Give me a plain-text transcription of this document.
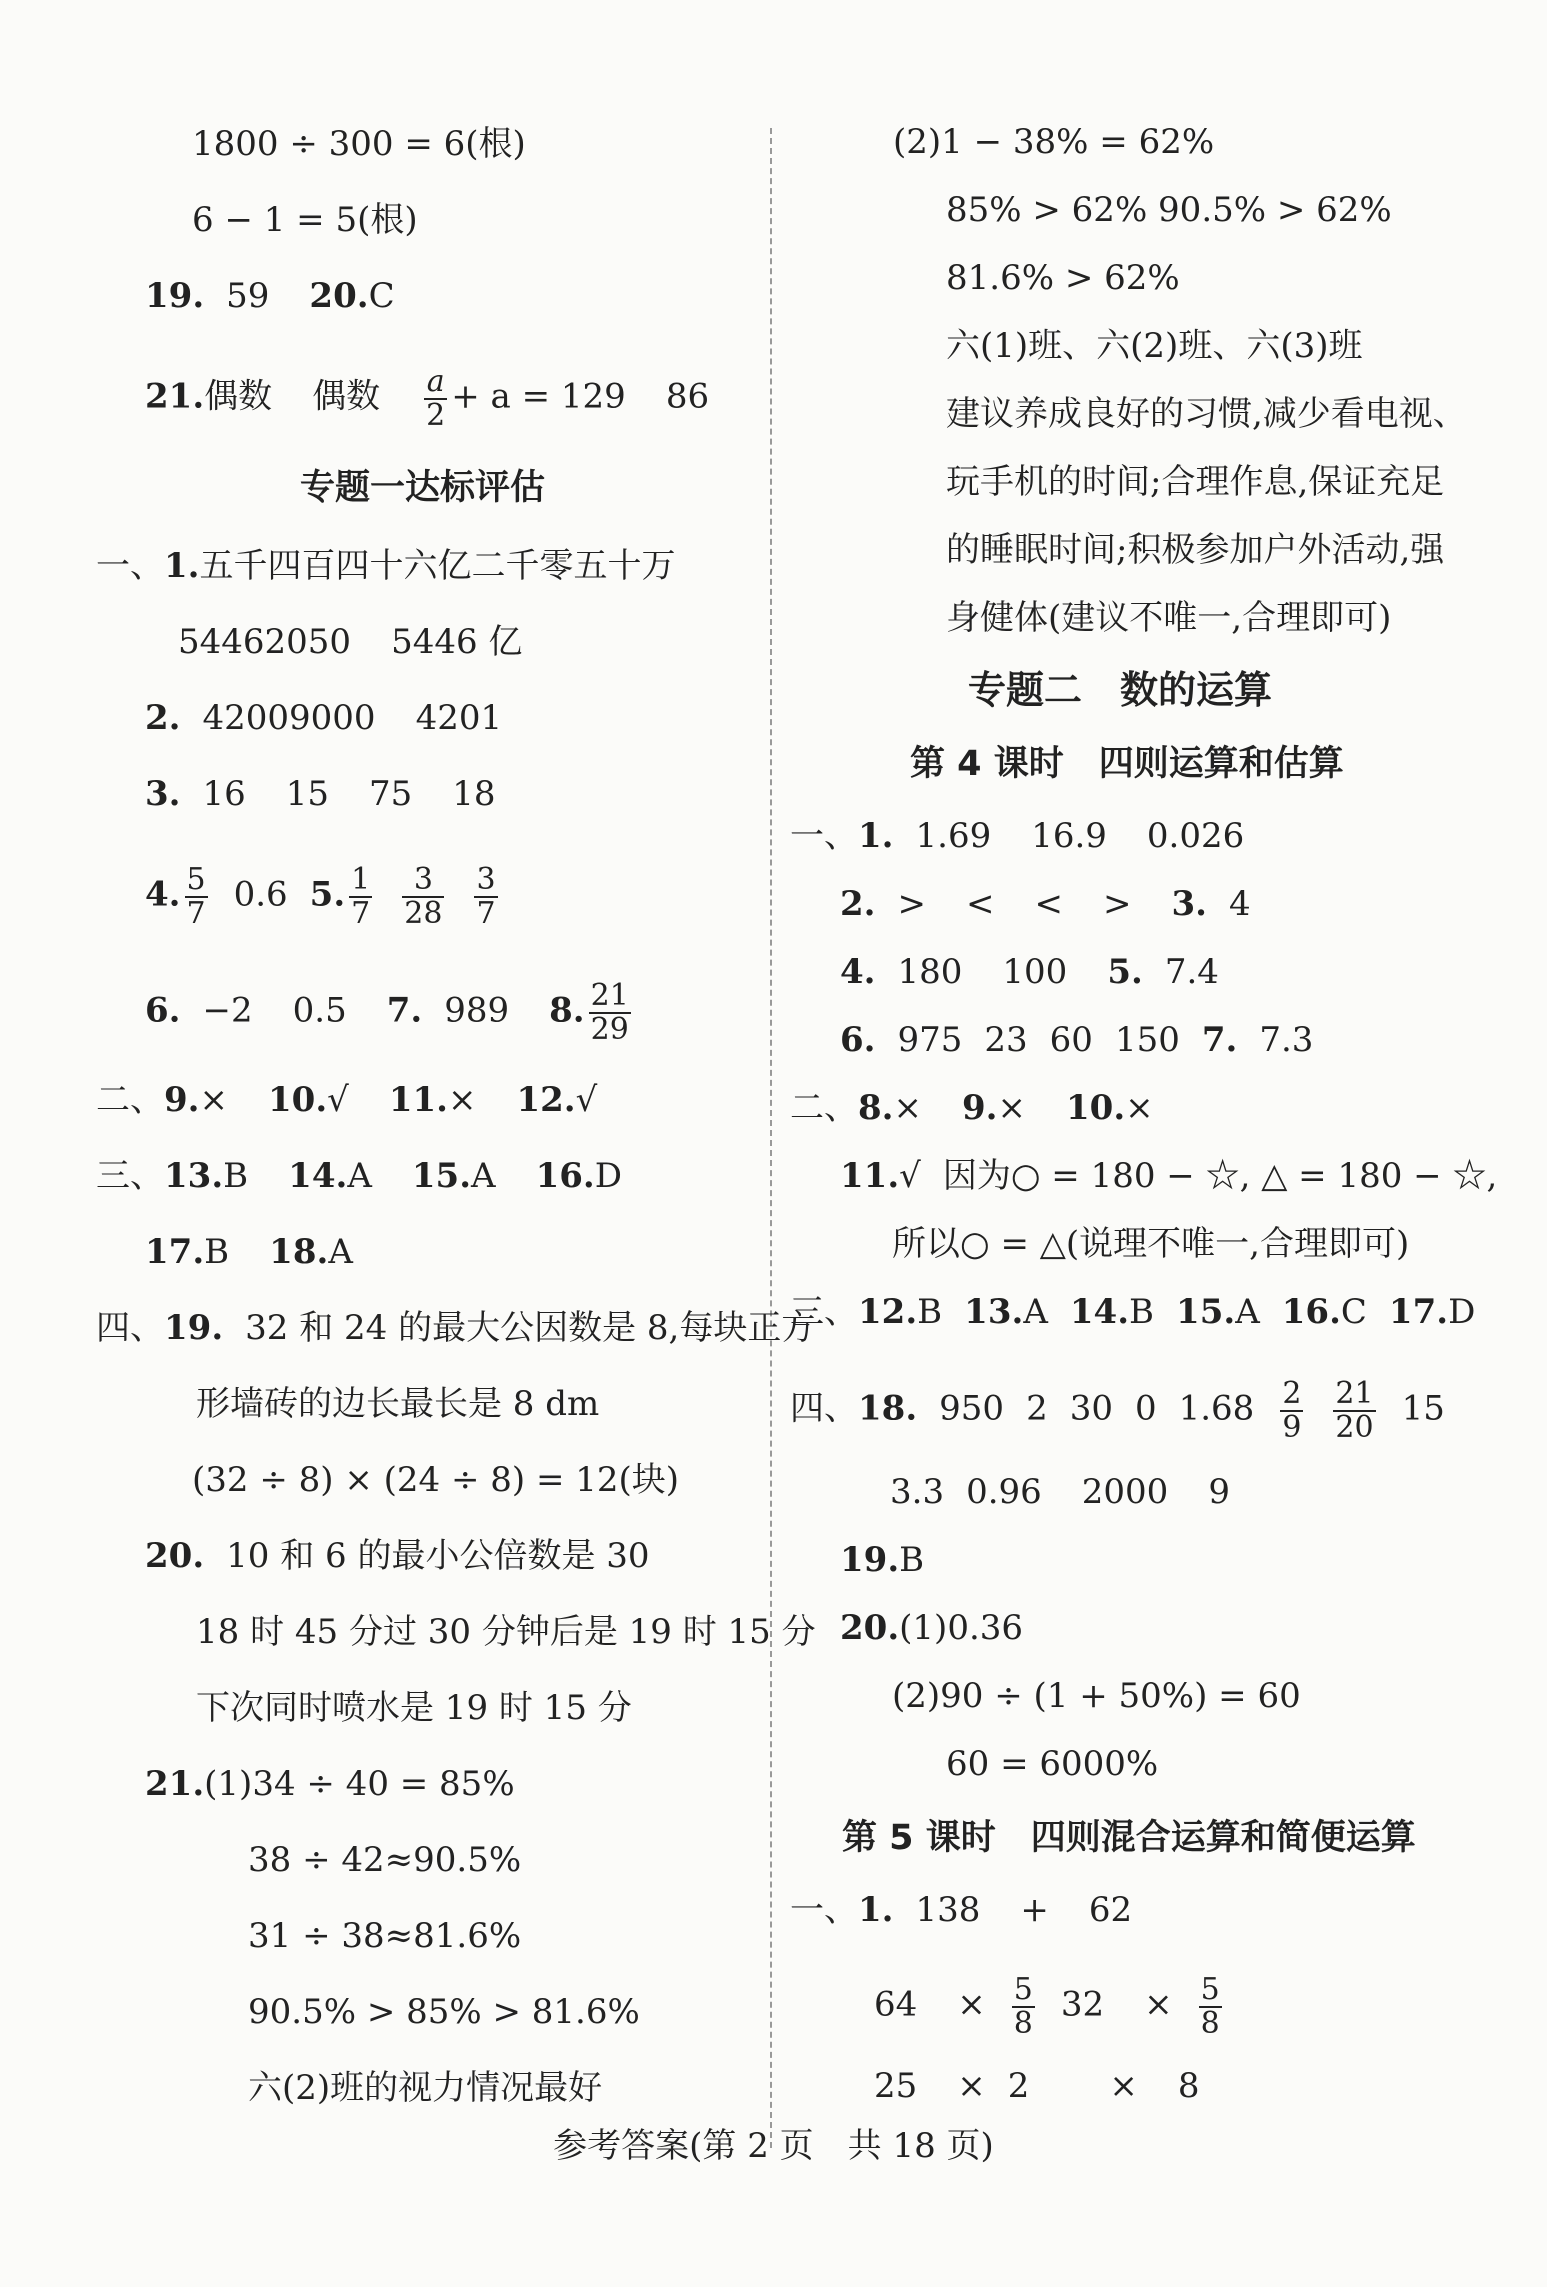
1800 ÷ 300 = 6(根)
6 − 1 = 5(根)
19. 59 20.C
21.偶数 偶数 $\frac{a}{2} + a = 129$ 86
专题一达标评估
一、1.五千四百四十六亿二千零五十万
54462050 5446 亿
2. 42009000 4201
3. 16 15 75 18
4. $\frac{5}{7} 0.6$ 5. $\frac{1}{7} \frac{3}{28} \frac{3}{7}$
6. −2 0.5 7. 989 8. $\frac{21}{29}$
二、9.× 10.√ 11.× 12.√
三、13.B 14.A 15.A 16.D
17.B 18.A
四、19. 32 和 24 的最大公因数是 8,每块正方
形墙砖的边长最长是 8 dm
(32 ÷ 8) × (24 ÷ 8) = 12(块)
20. 10 和 6 的最小公倍数是 30
18 时 45 分过 30 分钟后是 19 时 15 分
下次同时喷水是 19 时 15 分
21.(1)34 ÷ 40 = 85%
38 ÷ 42≈90.5%
31 ÷ 38≈81.6%
90.5% > 85% > 81.6%
六(2)班的视力情况最好
(2)1 − 38% = 62%
85% > 62% 90.5% > 62%
81.6% > 62%
六(1)班、六(2)班、六(3)班
建议养成良好的习惯,减少看电视、
玩手机的时间;合理作息,保证充足
的睡眠时间;积极参加户外活动,强
身健体(建议不唯一,合理即可)
专题二　数的运算
第 4 课时　四则运算和估算
一、1. 1.69 16.9 0.026
2. > < < > 3. 4
4. 180 100 5. 7.4
6. 975 23 60 150 7. 7.3
二、8.× 9.× 10.×
11.√ 因为○ = 180 − ☆, △ = 180 − ☆,
所以○ = △(说理不唯一,合理即可)
三、12.B 13.A 14.B 15.A 16.C 17.D
四、18. 950 2 30 0 $1.68 \frac{2}{9} \frac{21}{20} 15$
3.3 0.96 2000 9
19.B
20.(1)0.36
(2)90 ÷ (1 + 50%) = 60
60 = 6000%
第 5 课时　四则混合运算和简便运算
一、1. 138 + 62
$64 \times \frac{5}{8} 32 \times \frac{5}{8}$
25 × 2 × 8
参考答案(第 2 页　共 18 页)
